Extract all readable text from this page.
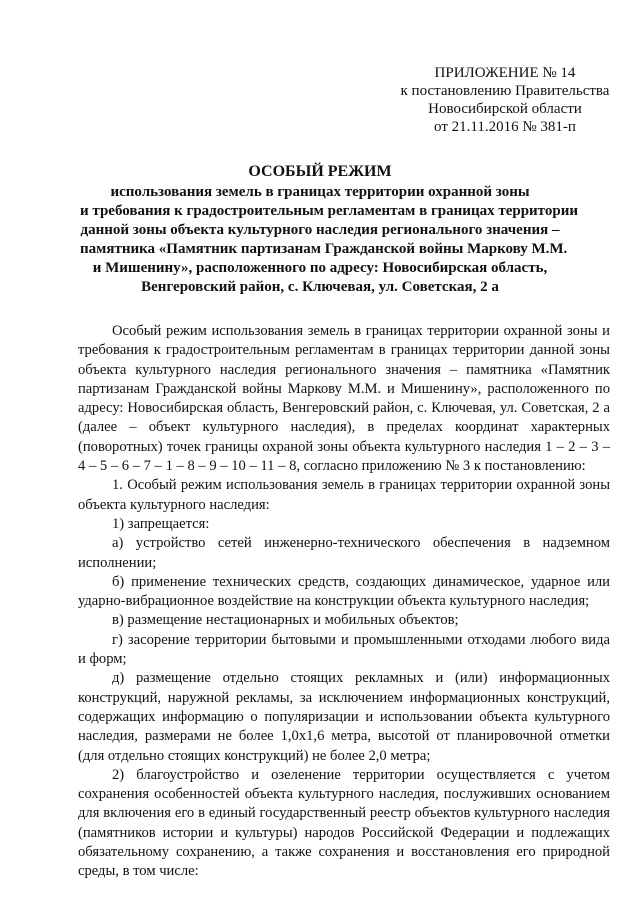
ПРИЛОЖЕНИЕ № 14
к постановлению Правительства
Новосибирской области
от 21.11.2016 № 381-п
ОСОБЫЙ РЕЖИМ
использования земель в границах территории охранной зоны
и требования к градостроительным регламентам в границах территории
данной зоны объекта культурного наследия регионального значения –
памятника «Памятник партизанам Гражданской войны Маркову М.М.
и Мишенину», расположенного по адресу: Новосибирская область,
Венгеровский район, с. Ключевая, ул. Советская, 2 а

Особый режим использования земель в границах территории охранной зоны и требования к градостроительным регламентам в границах территории данной зоны объекта культурного наследия регионального значения – памятника «Памятник партизанам Гражданской войны Маркову М.М. и Мишенину», расположенного по адресу: Новосибирская область, Венгеровский район, с. Ключевая, ул. Советская, 2 а (далее – объект культурного наследия), в пределах координат характерных (поворотных) точек границы охраной зоны объекта культурного наследия 1 – 2 – 3 – 4 – 5 – 6 – 7 – 1 – 8 – 9 – 10 – 11 – 8, согласно приложению № 3 к постановлению:

1. Особый режим использования земель в границах территории охранной зоны объекта культурного наследия:

1) запрещается:

а) устройство сетей инженерно-технического обеспечения в надземном исполнении;

б) применение технических средств, создающих динамическое, ударное или ударно-вибрационное воздействие на конструкции объекта культурного наследия;

в) размещение нестационарных и мобильных объектов;

г) засорение территории бытовыми и промышленными отходами любого вида и форм;

д) размещение отдельно стоящих рекламных и (или) информационных конструкций, наружной рекламы, за исключением информационных конструкций, содержащих информацию о популяризации и использовании объекта культурного наследия, размерами не более 1,0х1,6 метра, высотой от планировочной отметки (для отдельно стоящих конструкций) не более 2,0 метра;

2) благоустройство и озеленение территории осуществляется с учетом сохранения особенностей объекта культурного наследия, послуживших основанием для включения его в единый государственный реестр объектов культурного наследия (памятников истории и культуры) народов Российской Федерации и подлежащих обязательному сохранению, а также сохранения и восстановления его природной среды, в том числе:
